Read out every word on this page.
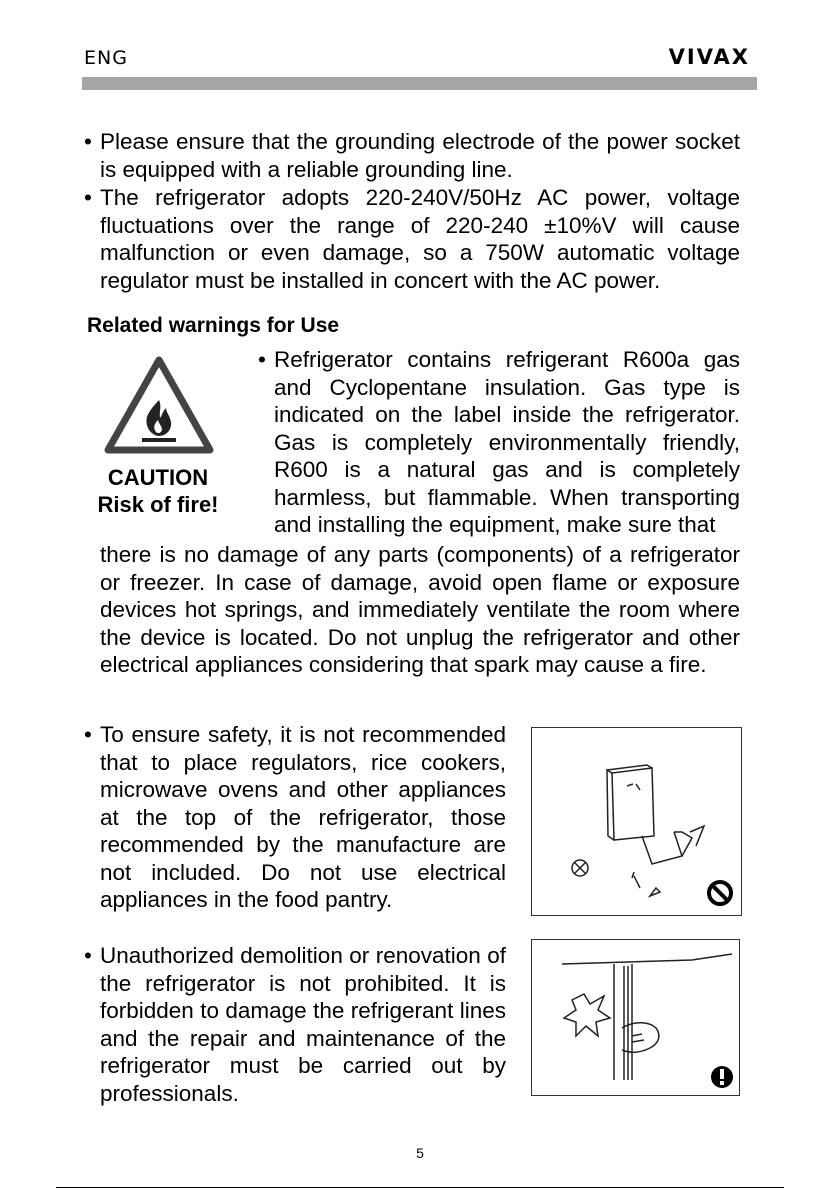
ENG	VIVAX
• Please ensure that the grounding electrode of the power socket is equipped with a reliable grounding line.
• The refrigerator adopts 220-240V/50Hz AC power, voltage fluctuations over the range of 220-240 ±10%V will cause malfunction or even damage, so a 750W automatic voltage regulator must be installed in concert with the AC power.
Related warnings for Use
CAUTION
Risk of fire!
• Refrigerator contains refrigerant R600a gas and Cyclopentane insulation. Gas type is indicated on the label inside the refrigerator. Gas is completely environmentally friendly, R600 is a natural gas and is completely harmless, but flammable. When transporting and installing the equipment, make sure that
there is no damage of any parts (components) of a refrigerator or freezer. In case of damage, avoid open flame or exposure devices hot springs, and immediately ventilate the room where the device is located. Do not unplug the refrigerator and other electrical appliances considering that spark may cause a fire.
• To ensure safety, it is not recommended that to place regulators, rice cookers, microwave ovens and other appliances at the top of the refrigerator, those recommended by the manufacture are not included. Do not use electrical appliances in the food pantry.
• Unauthorized demolition or renovation of the refrigerator is not prohibited. It is forbidden to damage the refrigerant lines and the repair and maintenance of the refrigerator must be carried out by professionals.
5
